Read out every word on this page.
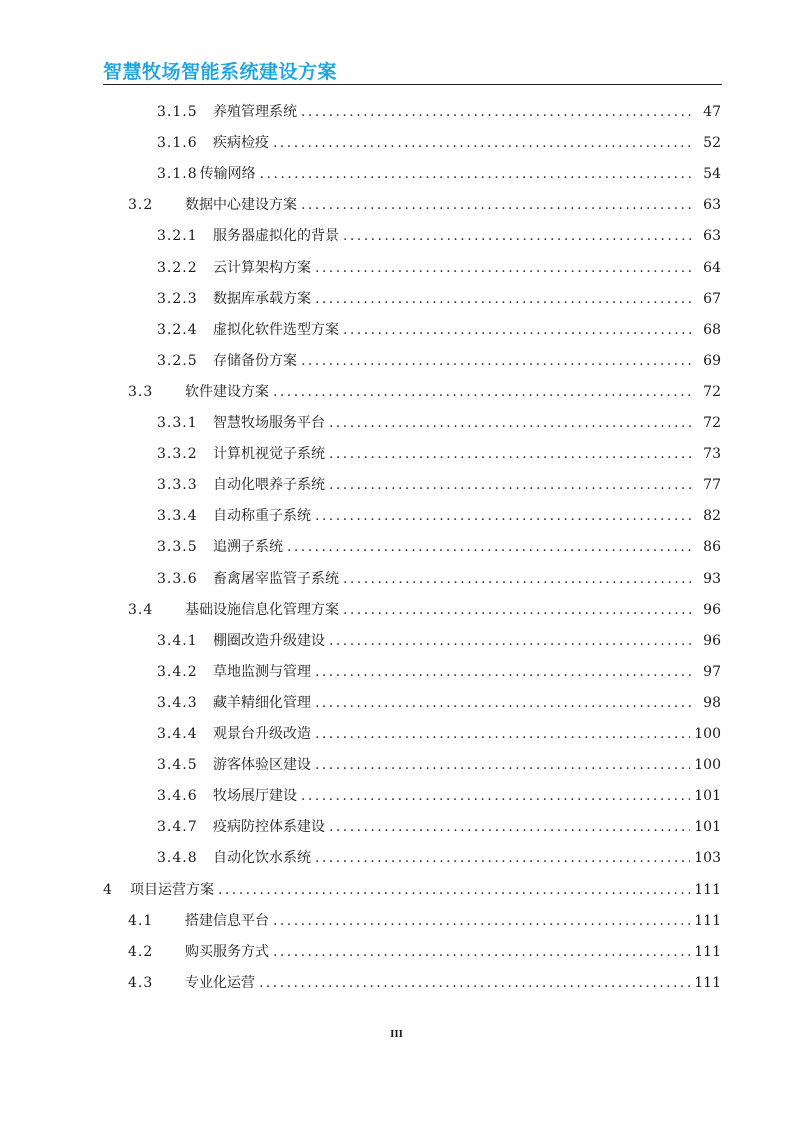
智慧牧场智能系统建设方案
3.1.5	养殖管理系统 . . .	47
3.1.6	疾病检疫 . . .	52
3.1.8 传输网络 . . .	54
3.2	数据中心建设方案 . . .	63
3.2.1	服务器虚拟化的背景 . . .	63
3.2.2	云计算架构方案 . . .	64
3.2.3	数据库承载方案 . . .	67
3.2.4	虚拟化软件选型方案 . . .	68
3.2.5	存储备份方案 . . .	69
3.3	软件建设方案 . . .	72
3.3.1	智慧牧场服务平台 . . .	72
3.3.2	计算机视觉子系统 . . .	73
3.3.3	自动化喂养子系统 . . .	77
3.3.4	自动称重子系统 . . .	82
3.3.5	追溯子系统 . . .	86
3.3.6	畜禽屠宰监管子系统 . . .	93
3.4	基础设施信息化管理方案 . . .	96
3.4.1	棚圈改造升级建设 . . .	96
3.4.2	草地监测与管理 . . .	97
3.4.3	藏羊精细化管理 . . .	98
3.4.4	观景台升级改造 . . .	100
3.4.5	游客体验区建设 . . .	100
3.4.6	牧场展厅建设 . . .	101
3.4.7	疫病防控体系建设 . . .	101
3.4.8	自动化饮水系统 . . .	103
4	项目运营方案 . . .	111
4.1	搭建信息平台 . . .	111
4.2	购买服务方式 . . .	111
4.3	专业化运营 . . .	111
III
